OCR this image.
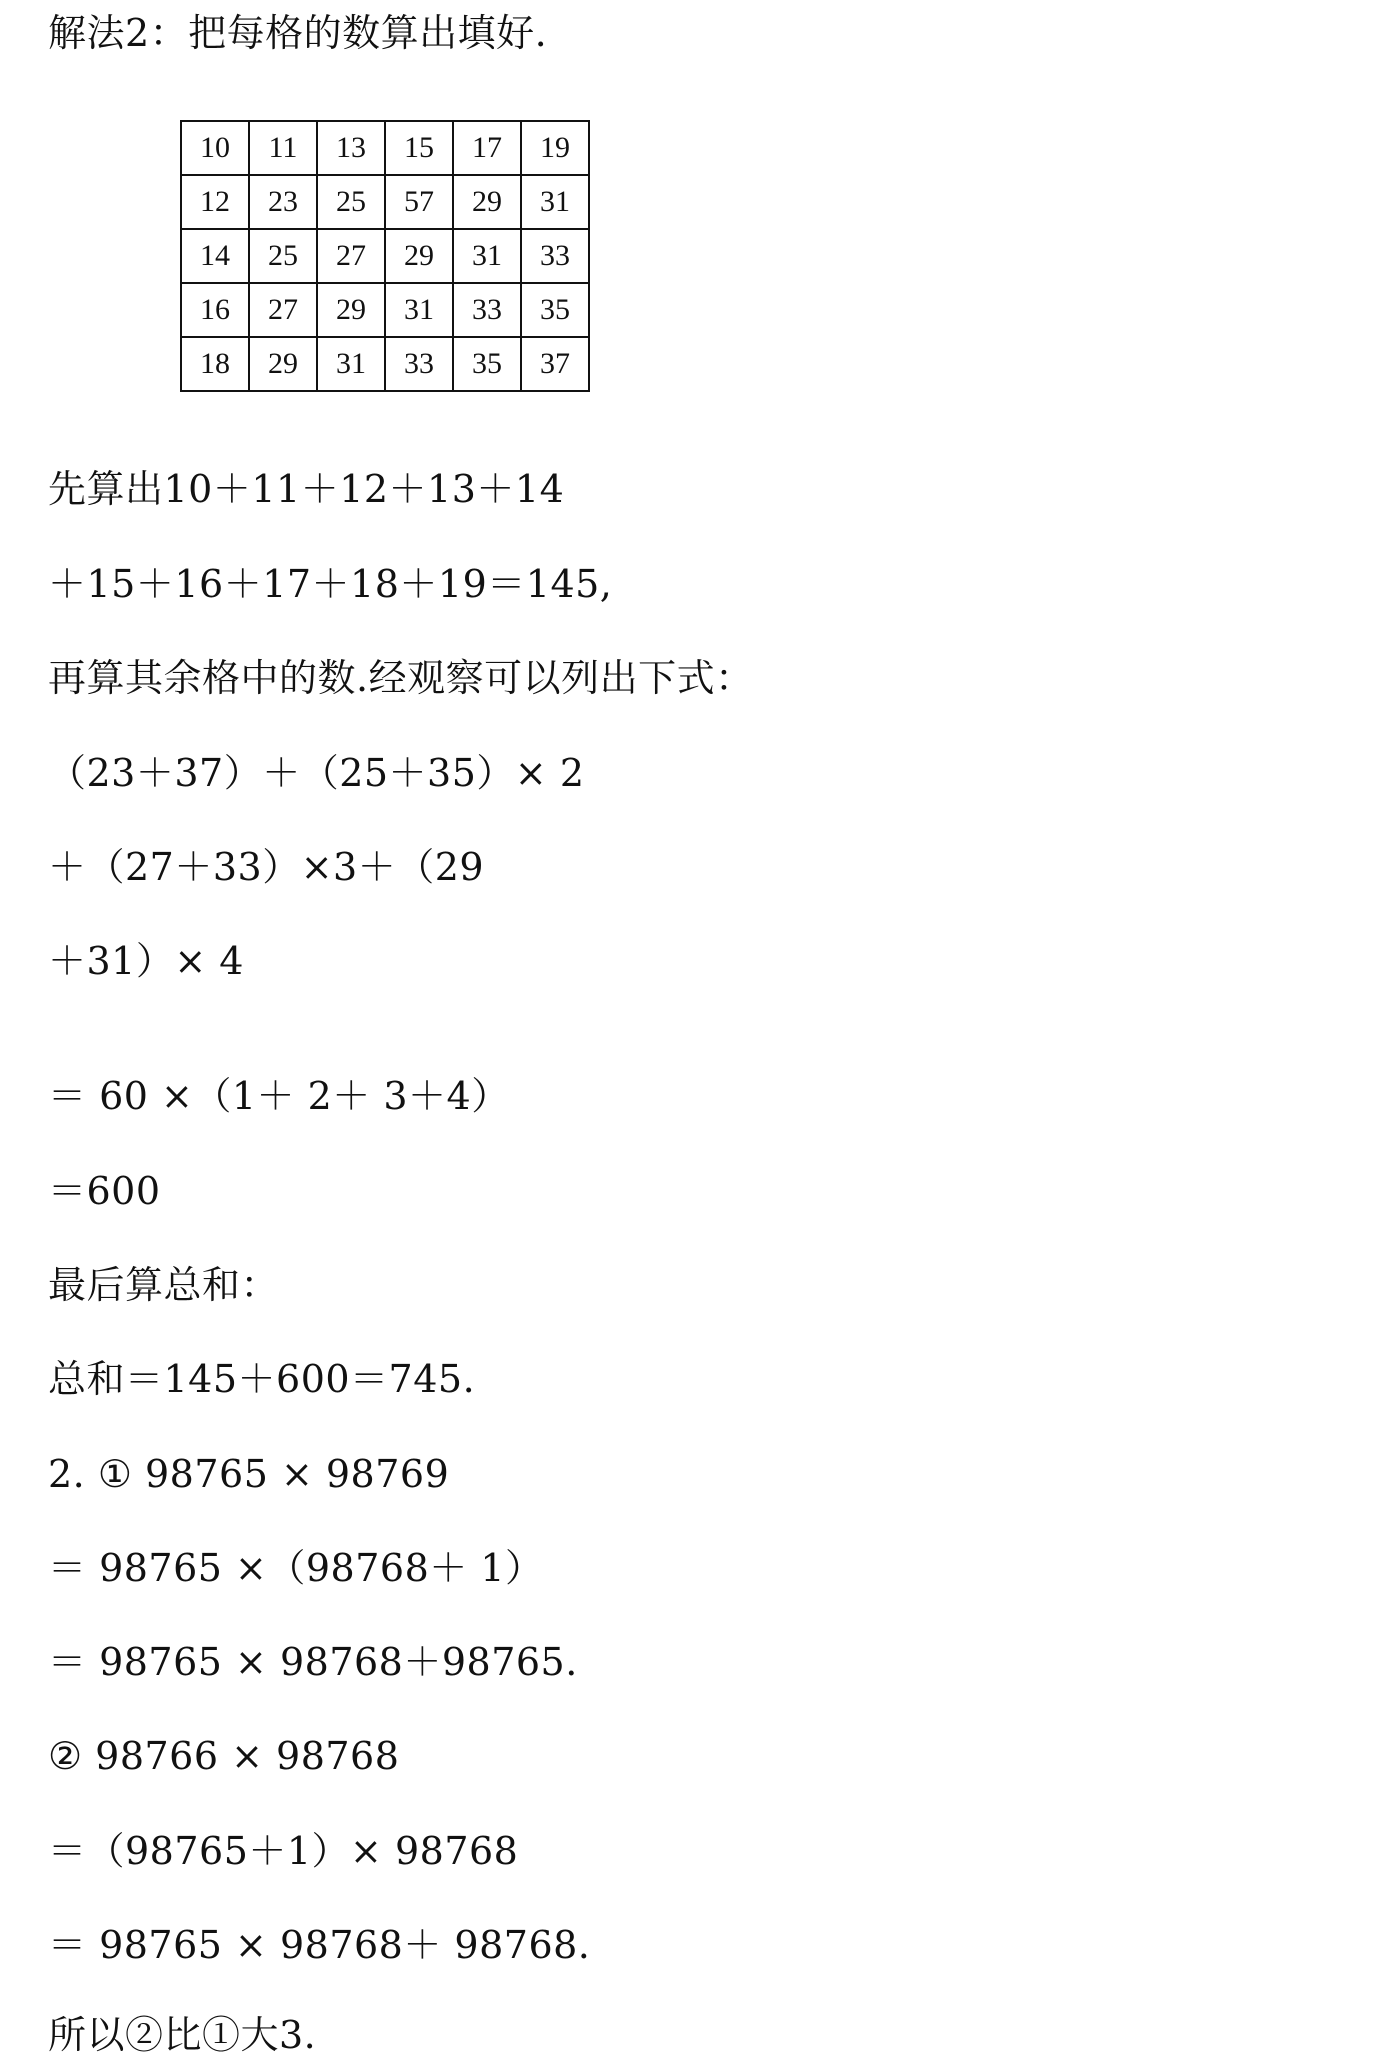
解法2：把每格的数算出填好.
10	11	13	15	17	19
12	23	25	57	29	31
14	25	27	29	31	33
16	27	29	31	33	35
18	29	31	33	35	37
先算出10＋11＋12＋13＋14
＋15＋16＋17＋18＋19＝145,
再算其余格中的数.经观察可以列出下式：
（23＋37）＋（25＋35）× 2
＋（27＋33）×3＋（29
＋31）× 4
＝ 60 ×（1＋ 2＋ 3＋4）
＝600
最后算总和：
总和＝145＋600＝745.
2. ① 98765 × 98769
＝ 98765 ×（98768＋ 1）
＝ 98765 × 98768＋98765.
② 98766 × 98768
＝（98765＋1）× 98768
＝ 98765 × 98768＋ 98768.
所以②比①大3.
